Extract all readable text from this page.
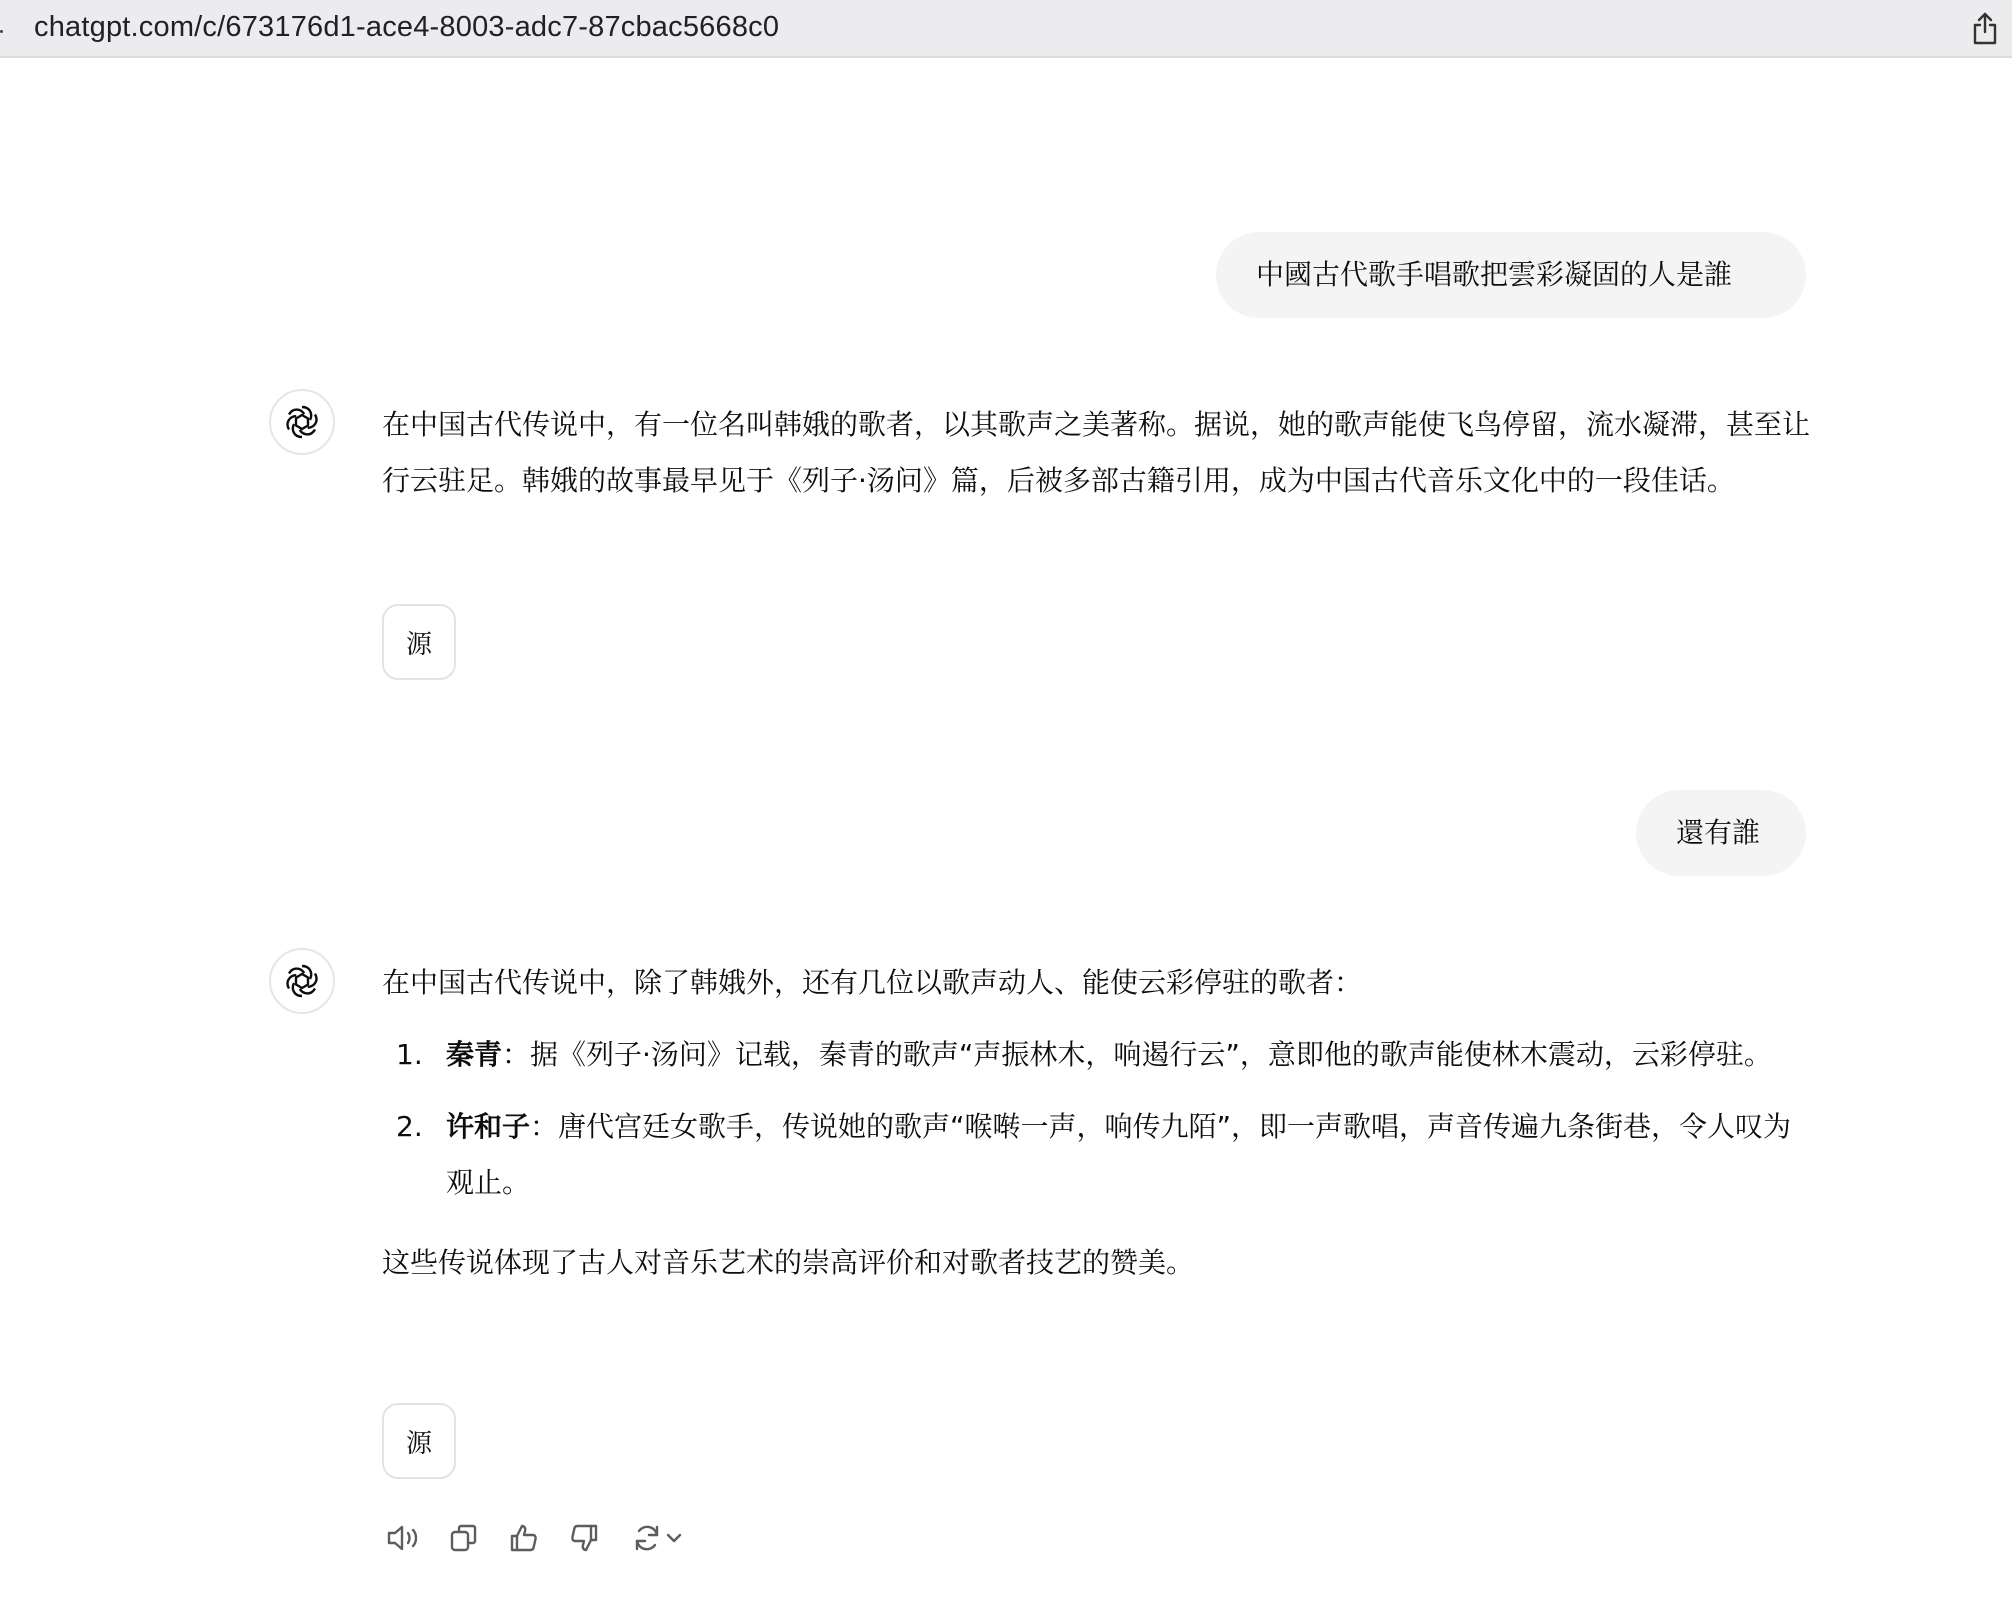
chatgpt.com/c/673176d1-ace4-8003-adc7-87cbac5668c0
中國古代歌手唱歌把雲彩凝固的人是誰

在中国古代传说中，有一位名叫韩娥的歌者，以其歌声之美著称。据说，她的歌声能使飞鸟停留，流水凝滞，甚至让行云驻足。韩娥的故事最早见于《列子·汤问》篇，后被多部古籍引用，成为中国古代音乐文化中的一段佳话。

源
還有誰

在中国古代传说中，除了韩娥外，还有几位以歌声动人、能使云彩停驻的歌者：

1. 秦青：据《列子·汤问》记载，秦青的歌声“声振林木，响遏行云”，意即他的歌声能使林木震动，云彩停驻。
2. 许和子：唐代宫廷女歌手，传说她的歌声“喉啭一声，响传九陌”，即一声歌唱，声音传遍九条街巷，令人叹为观止。

这些传说体现了古人对音乐艺术的崇高评价和对歌者技艺的赞美。

源
